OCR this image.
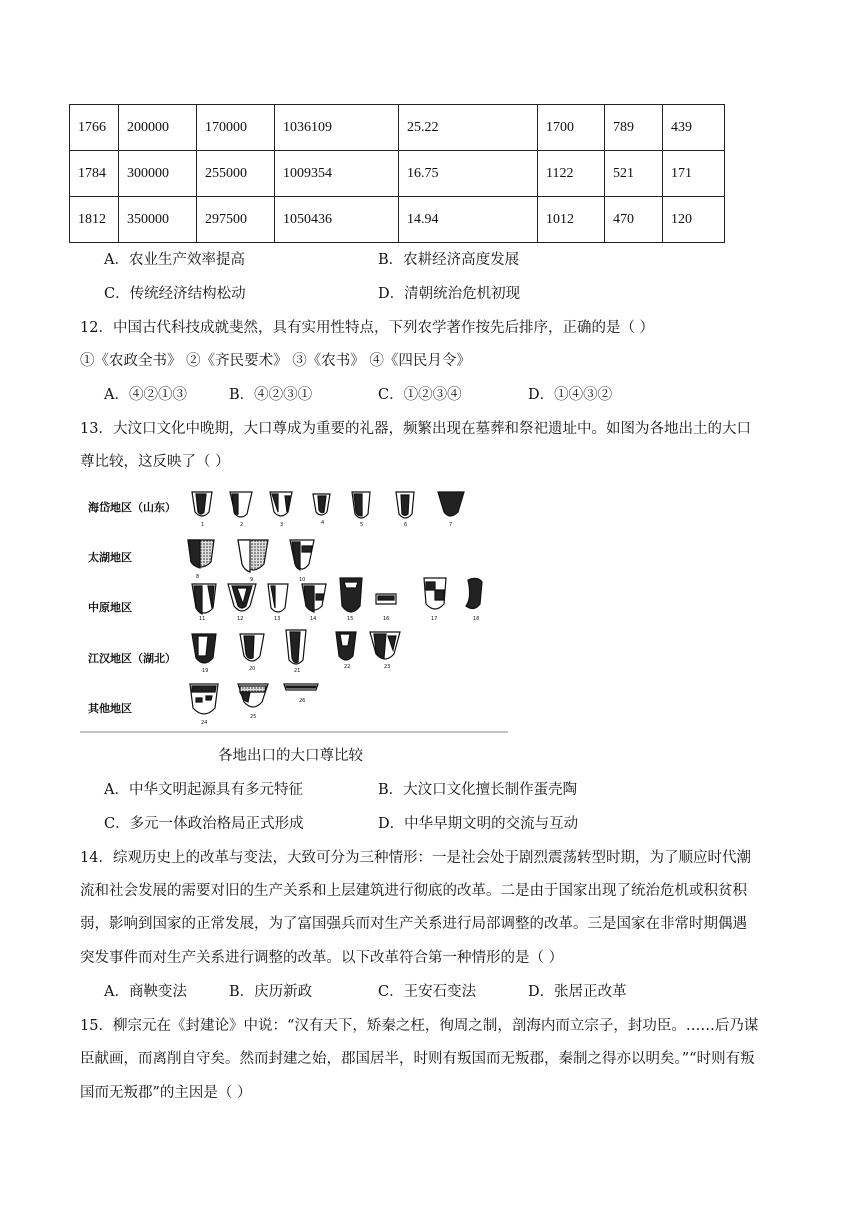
1766	200000	170000	1036109	25.22	1700	789	439
1784	300000	255000	1009354	16.75	1122	521	171
1812	350000	297500	1050436	14.94	1012	470	120
A．农业生产效率提高	B．农耕经济高度发展
C．传统经济结构松动	D．清朝统治危机初现
12．中国古代科技成就斐然，具有实用性特点，下列农学著作按先后排序，正确的是（ ）
①《农政全书》 ②《齐民要术》 ③《农书》 ④《四民月令》
A．④②①③	B．④②③①	C．①②③④	D．①④③②
13．大汶口文化中晚期，大口尊成为重要的礼器，频繁出现在墓葬和祭祀遗址中。如图为各地出土的大口
尊比较，这反映了（ ）
海岱地区（山东）
太湖地区
中原地区
江汉地区（湖北）
其他地区
1	2	3	4	5	6	7
8	9	10
11	12	13	14	15	16	17	18
19	20	21
22	23
24
25
26
各地出口的大口尊比较
A．中华文明起源具有多元特征	B．大汶口文化擅长制作蛋壳陶
C．多元一体政治格局正式形成	D．中华早期文明的交流与互动
14．综观历史上的改革与变法，大致可分为三种情形：一是社会处于剧烈震荡转型时期，为了顺应时代潮
流和社会发展的需要对旧的生产关系和上层建筑进行彻底的改革。二是由于国家出现了统治危机或积贫积
弱，影响到国家的正常发展，为了富国强兵而对生产关系进行局部调整的改革。三是国家在非常时期偶遇
突发事件而对生产关系进行调整的改革。以下改革符合第一种情形的是（ ）
A．商鞅变法	B．庆历新政	C．王安石变法	D．张居正改革
15．柳宗元在《封建论》中说：“汉有天下，矫秦之枉，徇周之制，剖海内而立宗子，封功臣。……后乃谋
臣献画，而离削自守矣。然而封建之始，郡国居半，时则有叛国而无叛郡，秦制之得亦以明矣。”“时则有叛
国而无叛郡”的主因是（ ）
